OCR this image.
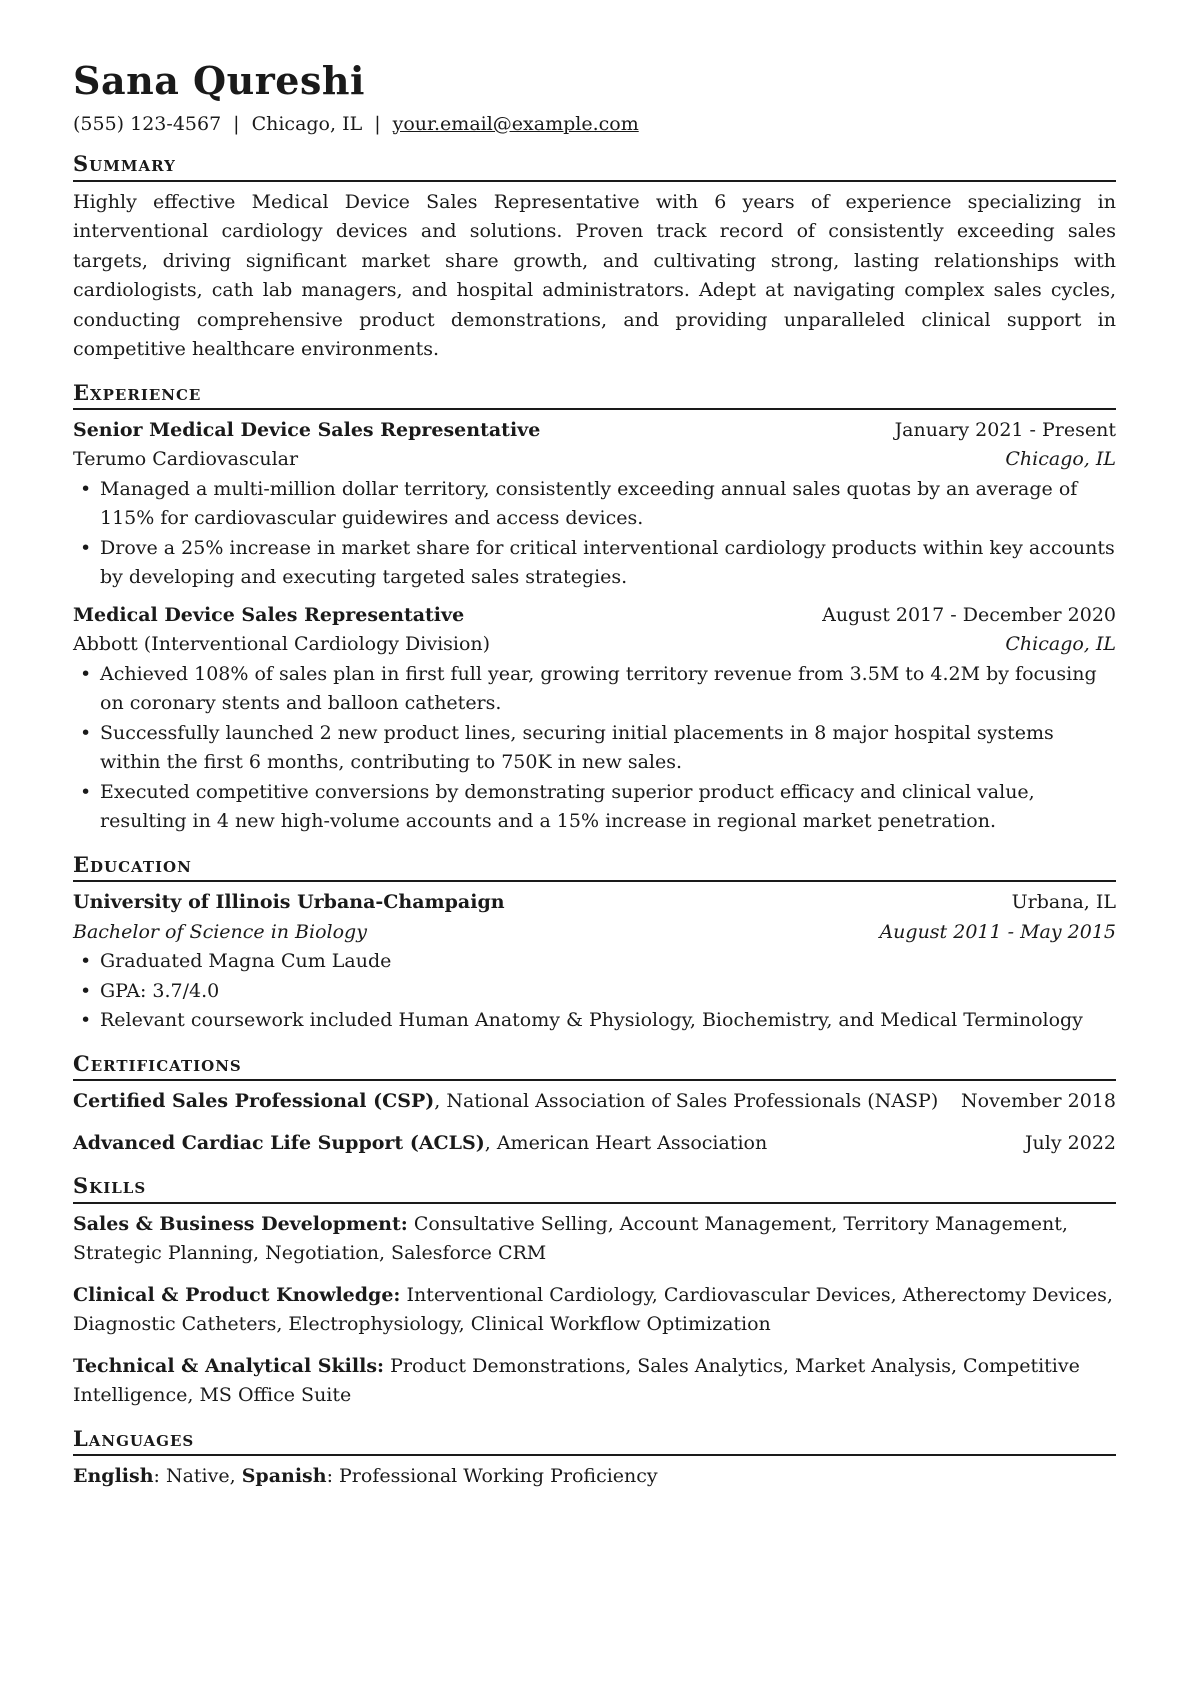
Sana Qureshi
(555) 123-4567 | Chicago, IL | your.email@example.com
Summary
Highly effective Medical Device Sales Representative with 6 years of experience specializing in interventional cardiology devices and solutions. Proven track record of consistently exceeding sales targets, driving significant market share growth, and cultivating strong, lasting relationships with cardiologists, cath lab managers, and hospital administrators. Adept at navigating complex sales cycles, conducting comprehensive product demonstrations, and providing unparalleled clinical support in competitive healthcare environments.
Experience
Senior Medical Device Sales Representative	January 2021 - Present
Terumo Cardiovascular	Chicago, IL
• Managed a multi-million dollar territory, consistently exceeding annual sales quotas by an average of 115% for cardiovascular guidewires and access devices.
• Drove a 25% increase in market share for critical interventional cardiology products within key accounts by developing and executing targeted sales strategies.
Medical Device Sales Representative	August 2017 - December 2020
Abbott (Interventional Cardiology Division)	Chicago, IL
• Achieved 108% of sales plan in first full year, growing territory revenue from 3.5M to 4.2M by focusing on coronary stents and balloon catheters.
• Successfully launched 2 new product lines, securing initial placements in 8 major hospital systems within the first 6 months, contributing to 750K in new sales.
• Executed competitive conversions by demonstrating superior product efficacy and clinical value, resulting in 4 new high-volume accounts and a 15% increase in regional market penetration.
Education
University of Illinois Urbana-Champaign	Urbana, IL
Bachelor of Science in Biology	August 2011 - May 2015
• Graduated Magna Cum Laude
• GPA: 3.7/4.0
• Relevant coursework included Human Anatomy & Physiology, Biochemistry, and Medical Terminology
Certifications
Certified Sales Professional (CSP), National Association of Sales Professionals (NASP) November 2018
Advanced Cardiac Life Support (ACLS), American Heart Association	July 2022
Skills
Sales & Business Development: Consultative Selling, Account Management, Territory Management, Strategic Planning, Negotiation, Salesforce CRM
Clinical & Product Knowledge: Interventional Cardiology, Cardiovascular Devices, Atherectomy Devices, Diagnostic Catheters, Electrophysiology, Clinical Workflow Optimization
Technical & Analytical Skills: Product Demonstrations, Sales Analytics, Market Analysis, Competitive Intelligence, MS Office Suite
Languages
English: Native, Spanish: Professional Working Proficiency
